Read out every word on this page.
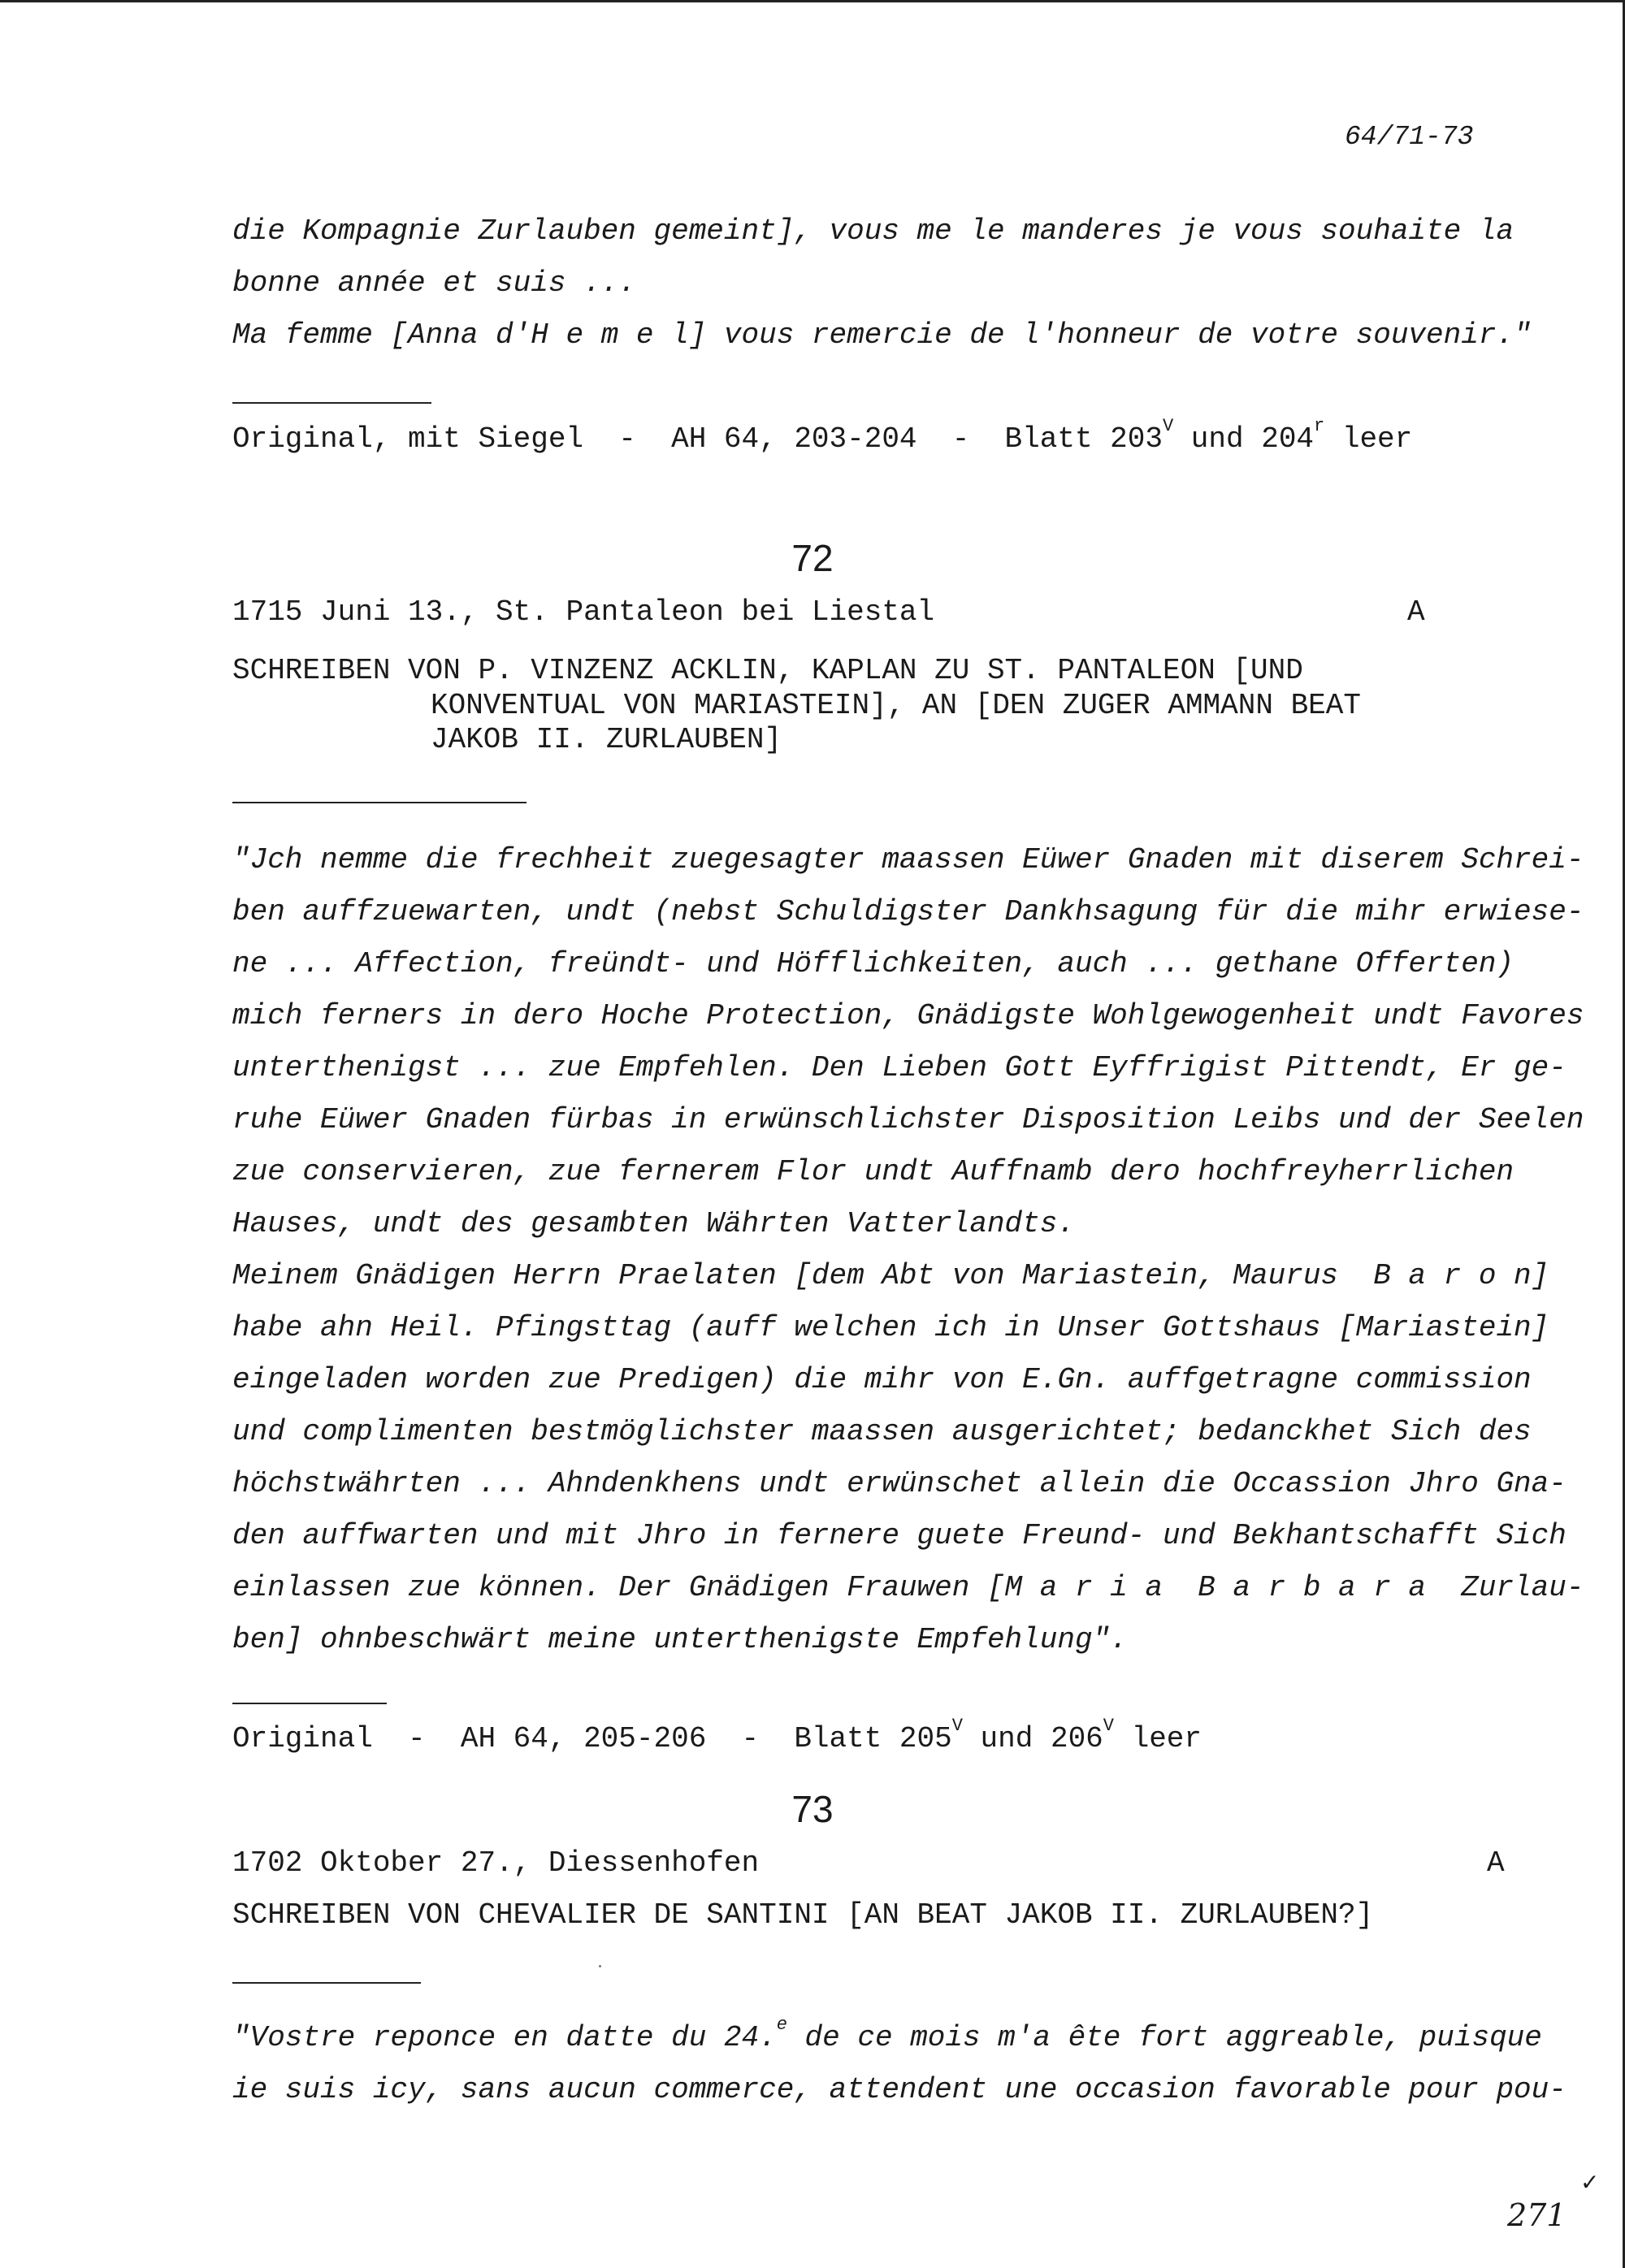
64/71-73
die Kompagnie Zurlauben gemeint], vous me le manderes je vous souhaite la
bonne année et suis ...
Ma femme [Anna d'H e m e l] vous remercie de l'honneur de votre souvenir."
Original, mit Siegel  -  AH 64, 203-204  -  Blatt $203^V$ und 204$^r$ leer
72
1715 Juni 13., St. Pantaleon bei Liestal	A
SCHREIBEN VON P. VINZENZ ACKLIN, KAPLAN ZU ST. PANTALEON [UND
KONVENTUAL VON MARIASTEIN], AN [DEN ZUGER AMMANN BEAT
JAKOB II. ZURLAUBEN]
"Jch nemme die frechheit zuegesagter maassen Eüwer Gnaden mit diserem Schrei-
ben auffzuewarten, undt (nebst Schuldigster Dankhsagung für die mihr erwiese-
ne ... Affection, freündt- und Höfflichkeiten, auch ... gethane Offerten)
mich ferners in dero Hoche Protection, Gnädigste Wohlgewogenheit undt Favores
unterthenigst ... zue Empfehlen. Den Lieben Gott Eyffrigist Pittendt, Er ge-
ruhe Eüwer Gnaden fürbas in erwünschlichster Disposition Leibs und der Seelen
zue conservieren, zue fernerem Flor undt Auffnamb dero hochfreyherrlichen
Hauses, undt des gesambten Währten Vatterlandts.
Meinem Gnädigen Herrn Praelaten [dem Abt von Mariastein, Maurus  B a r o n]
habe ahn Heil. Pfingsttag (auff welchen ich in Unser Gottshaus [Mariastein]
eingeladen worden zue Predigen) die mihr von E.Gn. auffgetragne commission
und complimenten bestmöglichster maassen ausgerichtet; bedanckhet Sich des
höchstwährten ... Ahndenkhens undt erwünschet allein die Occassion Jhro Gna-
den auffwarten und mit Jhro in fernere guete Freund- und Bekhantschafft Sich
einlassen zue können. Der Gnädigen Frauwen [M a r i a  B a r b a r a  Zurlau-
ben] ohnbeschwärt meine unterthenigste Empfehlung".
Original  -  AH 64, 205-206  -  Blatt $205^V$ und $206^V$ leer
73
1702 Oktober 27., Diessenhofen	A
SCHREIBEN VON CHEVALIER DE SANTINI [AN BEAT JAKOB II. ZURLAUBEN?]
"Vostre reponce en datte du 24.$^e$ de ce mois m'a ête fort aggreable, puisque
ie suis icy, sans aucun commerce, attendent une occasion favorable pour pou-
✓
271
